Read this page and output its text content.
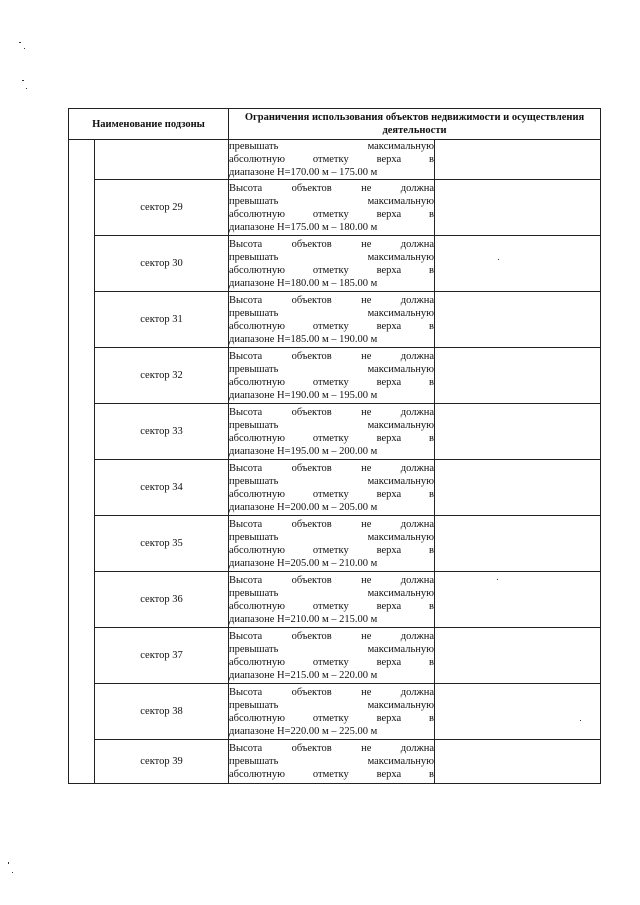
Наименование подзоны		Ограничения использования объектов недвижимости и осуществления деятельности	

		превышать максимальную
абсолютную отметку верха в
диапазоне Н=170.00 м – 175.00 м	

	сектор 29	Высота объектов не должна
превышать максимальную
абсолютную отметку верха в
диапазоне Н=175.00 м – 180.00 м	

	сектор 30	Высота объектов не должна
превышать максимальную
абсолютную отметку верха в
диапазоне Н=180.00 м – 185.00 м	

	сектор 31	Высота объектов не должна
превышать максимальную
абсолютную отметку верха в
диапазоне Н=185.00 м – 190.00 м	

	сектор 32	Высота объектов не должна
превышать максимальную
абсолютную отметку верха в
диапазоне Н=190.00 м – 195.00 м	

	сектор 33	Высота объектов не должна
превышать максимальную
абсолютную отметку верха в
диапазоне Н=195.00 м – 200.00 м	

	сектор 34	Высота объектов не должна
превышать максимальную
абсолютную отметку верха в
диапазоне Н=200.00 м – 205.00 м	

	сектор 35	Высота объектов не должна
превышать максимальную
абсолютную отметку верха в
диапазоне Н=205.00 м – 210.00 м	

	сектор 36	Высота объектов не должна
превышать максимальную
абсолютную отметку верха в
диапазоне Н=210.00 м – 215.00 м	

	сектор 37	Высота объектов не должна
превышать максимальную
абсолютную отметку верха в
диапазоне Н=215.00 м – 220.00 м	

	сектор 38	Высота объектов не должна
превышать максимальную
абсолютную отметку верха в
диапазоне Н=220.00 м – 225.00 м	

	сектор 39	Высота объектов не должна
превышать максимальную
абсолютную отметку верха в	
